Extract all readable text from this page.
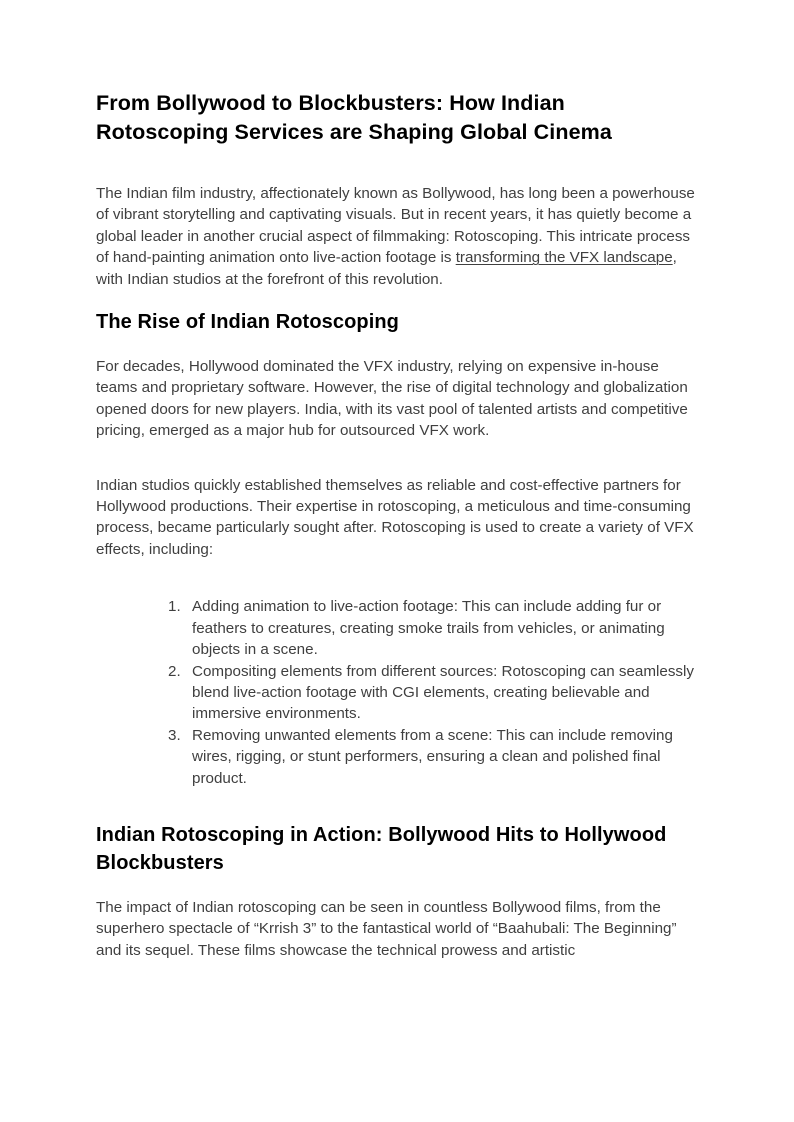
From Bollywood to Blockbusters: How Indian Rotoscoping Services are Shaping Global Cinema

The Indian film industry, affectionately known as Bollywood, has long been a powerhouse of vibrant storytelling and captivating visuals. But in recent years, it has quietly become a global leader in another crucial aspect of filmmaking: Rotoscoping. This intricate process of hand-painting animation onto live-action footage is transforming the VFX landscape, with Indian studios at the forefront of this revolution.

The Rise of Indian Rotoscoping

For decades, Hollywood dominated the VFX industry, relying on expensive in-house teams and proprietary software. However, the rise of digital technology and globalization opened doors for new players. India, with its vast pool of talented artists and competitive pricing, emerged as a major hub for outsourced VFX work.

Indian studios quickly established themselves as reliable and cost-effective partners for Hollywood productions. Their expertise in rotoscoping, a meticulous and time-consuming process, became particularly sought after. Rotoscoping is used to create a variety of VFX effects, including:

1. Adding animation to live-action footage: This can include adding fur or feathers to creatures, creating smoke trails from vehicles, or animating objects in a scene.
2. Compositing elements from different sources: Rotoscoping can seamlessly blend live-action footage with CGI elements, creating believable and immersive environments.
3. Removing unwanted elements from a scene: This can include removing wires, rigging, or stunt performers, ensuring a clean and polished final product.
Indian Rotoscoping in Action: Bollywood Hits to Hollywood Blockbusters

The impact of Indian rotoscoping can be seen in countless Bollywood films, from the superhero spectacle of “Krrish 3” to the fantastical world of “Baahubali: The Beginning” and its sequel. These films showcase the technical prowess and artistic
